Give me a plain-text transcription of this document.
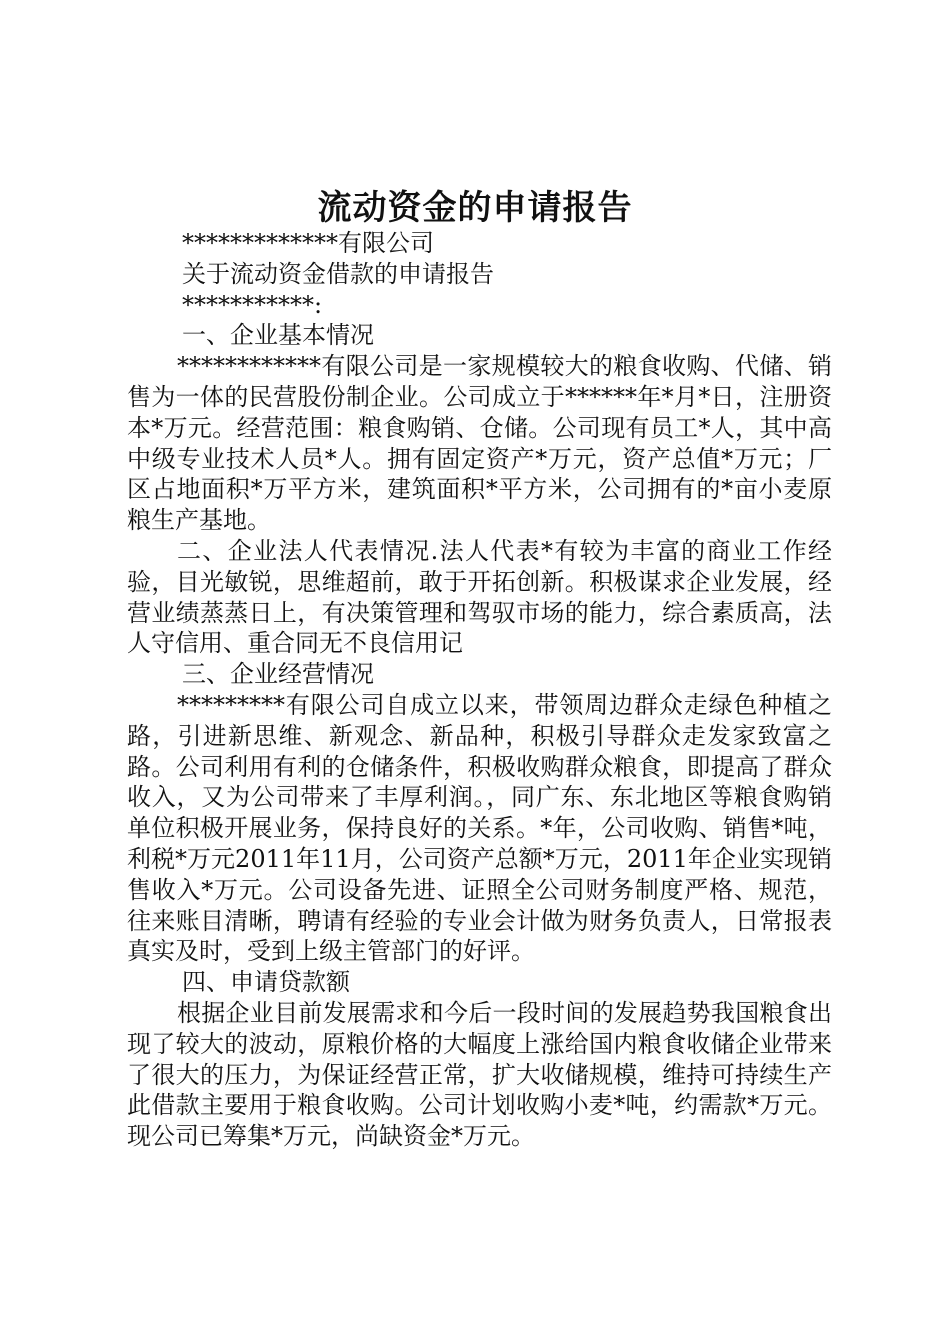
流动资金的申请报告

*************有限公司

关于流动资金借款的申请报告

***********:

一、企业基本情况

************有限公司是一家规模较大的粮食收购、代储、销售为一体的民营股份制企业。公司成立于******年*月*日，注册资本*万元。经营范围：粮食购销、仓储。公司现有员工*人，其中高中级专业技术人员*人。拥有固定资产*万元，资产总值*万元；厂区占地面积*万平方米，建筑面积*平方米，公司拥有的*亩小麦原粮生产基地。

二、企业法人代表情况.法人代表*有较为丰富的商业工作经验，目光敏锐，思维超前，敢于开拓创新。积极谋求企业发展，经营业绩蒸蒸日上，有决策管理和驾驭市场的能力，综合素质高，法人守信用、重合同无不良信用记

三、企业经营情况

*********有限公司自成立以来，带领周边群众走绿色种植之路，引进新思维、新观念、新品种，积极引导群众走发家致富之路。公司利用有利的仓储条件，积极收购群众粮食，即提高了群众收入，又为公司带来了丰厚利润。，同广东、东北地区等粮食购销单位积极开展业务，保持良好的关系。*年，公司收购、销售*吨，利税*万元2011年11月，公司资产总额*万元，2011年企业实现销售收入*万元。公司设备先进、证照全公司财务制度严格、规范，往来账目清晰，聘请有经验的专业会计做为财务负责人，日常报表真实及时，受到上级主管部门的好评。

四、申请贷款额

根据企业目前发展需求和今后一段时间的发展趋势我国粮食出现了较大的波动，原粮价格的大幅度上涨给国内粮食收储企业带来了很大的压力，为保证经营正常，扩大收储规模，维持可持续生产此借款主要用于粮食收购。公司计划收购小麦*吨，约需款*万元。现公司已筹集*万元，尚缺资金*万元。
